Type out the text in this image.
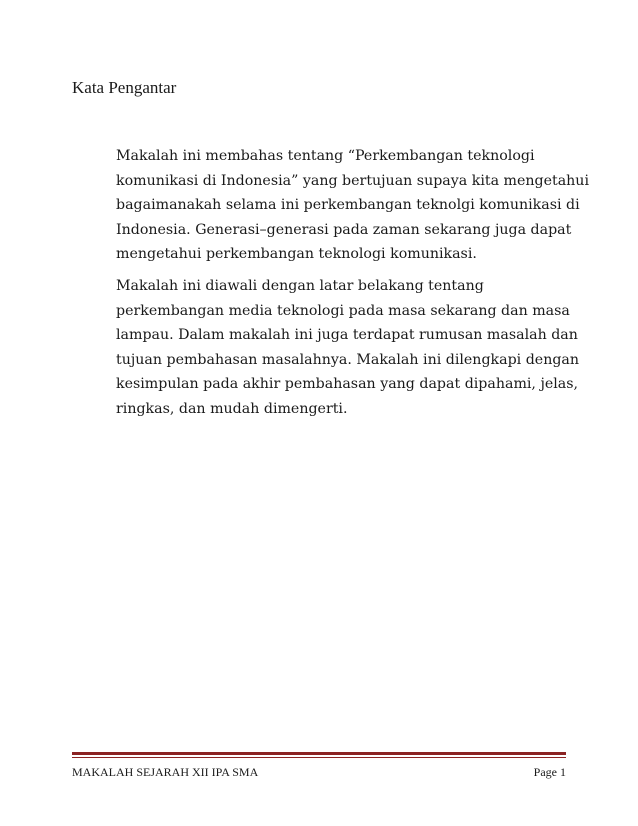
Kata Pengantar

Makalah ini membahas tentang “Perkembangan teknologi
komunikasi di Indonesia” yang bertujuan supaya kita mengetahui
bagaimanakah selama ini perkembangan teknolgi komunikasi di
Indonesia. Generasi–generasi pada zaman sekarang juga dapat
mengetahui perkembangan teknologi komunikasi.

Makalah ini diawali dengan latar belakang tentang
perkembangan media teknologi pada masa sekarang dan masa
lampau. Dalam makalah ini juga terdapat rumusan masalah dan
tujuan pembahasan masalahnya. Makalah ini dilengkapi dengan
kesimpulan pada akhir pembahasan yang dapat dipahami, jelas,
ringkas, dan mudah dimengerti.

MAKALAH SEJARAH XII IPA SMA	Page 1
